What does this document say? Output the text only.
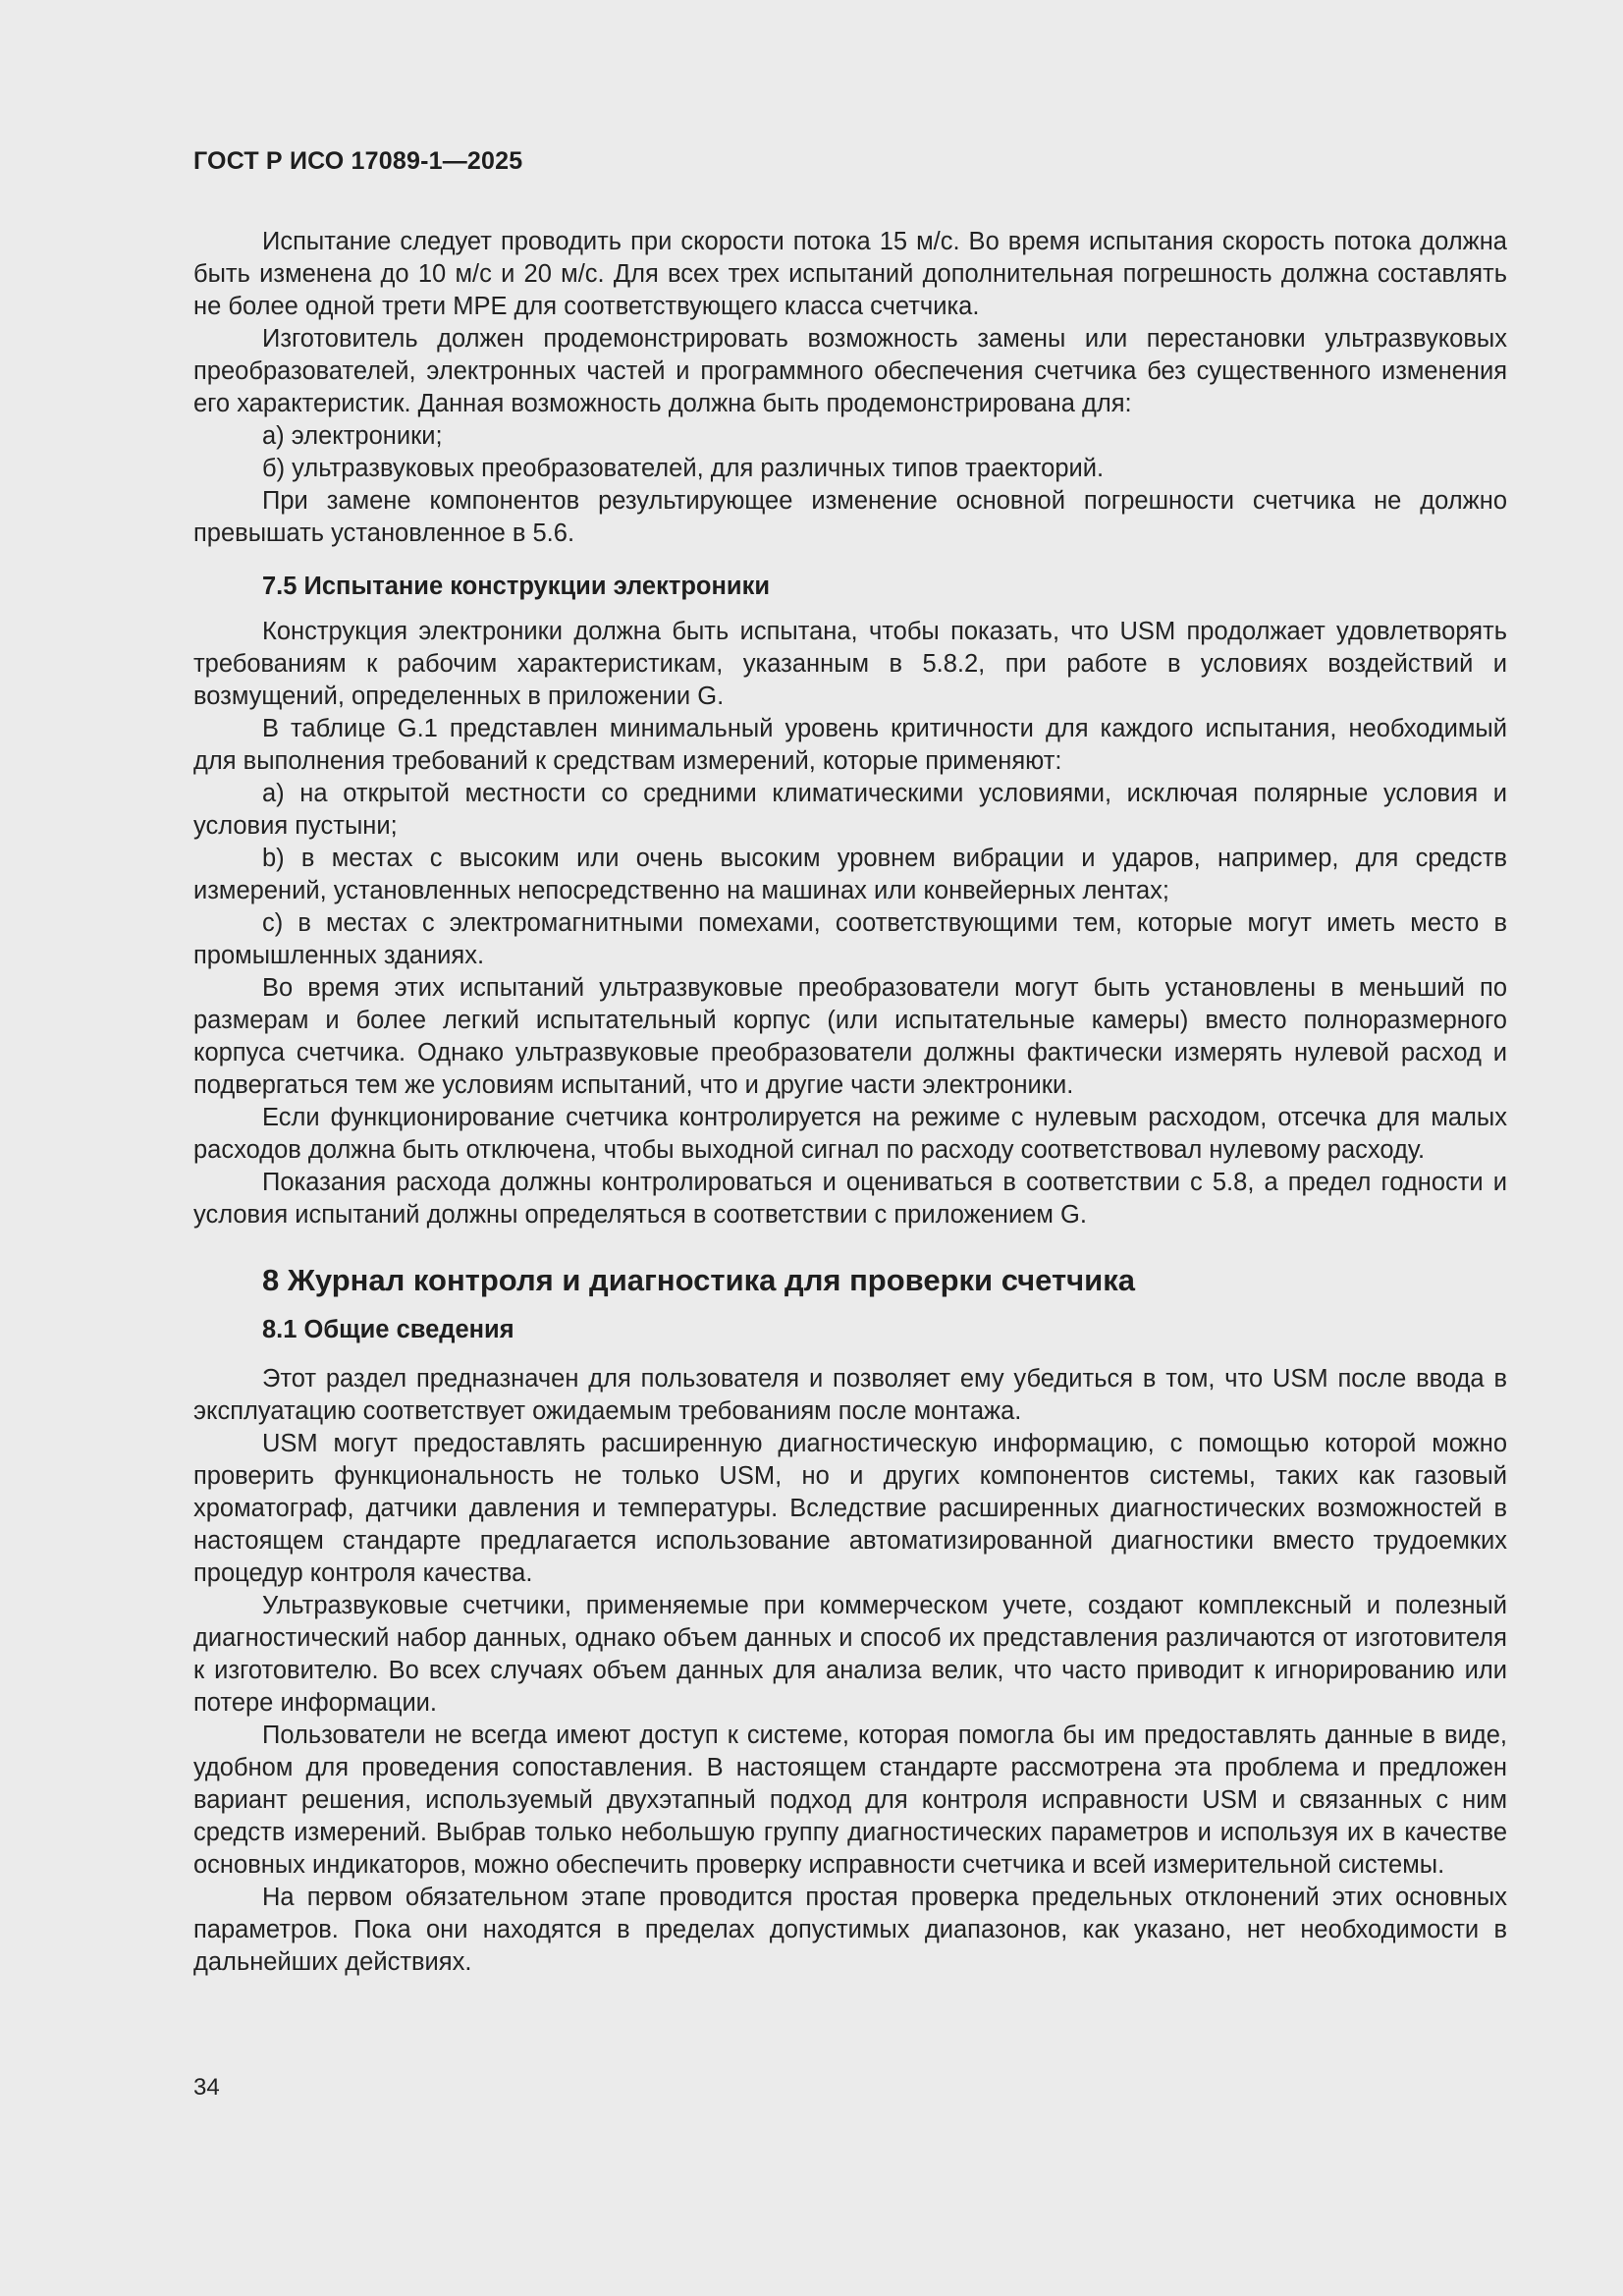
ГОСТ Р ИСО 17089-1—2025

Испытание следует проводить при скорости потока 15 м/с. Во время испытания скорость потока должна быть изменена до 10 м/с и 20 м/с. Для всех трех испытаний дополнительная погрешность должна составлять не более одной трети МРЕ для соответствующего класса счетчика.

Изготовитель должен продемонстрировать возможность замены или перестановки ультразвуковых преобразователей, электронных частей и программного обеспечения счетчика без существенного изменения его характеристик. Данная возможность должна быть продемонстрирована для:

а) электроники;

б) ультразвуковых преобразователей, для различных типов траекторий.

При замене компонентов результирующее изменение основной погрешности счетчика не должно превышать установленное в 5.6.

7.5 Испытание конструкции электроники

Конструкция электроники должна быть испытана, чтобы показать, что USM продолжает удовлетворять требованиям к рабочим характеристикам, указанным в 5.8.2, при работе в условиях воздействий и возмущений, определенных в приложении G.

В таблице G.1 представлен минимальный уровень критичности для каждого испытания, необходимый для выполнения требований к средствам измерений, которые применяют:

a) на открытой местности со средними климатическими условиями, исключая полярные условия и условия пустыни;

b) в местах с высоким или очень высоким уровнем вибрации и ударов, например, для средств измерений, установленных непосредственно на машинах или конвейерных лентах;

c) в местах с электромагнитными помехами, соответствующими тем, которые могут иметь место в промышленных зданиях.

Во время этих испытаний ультразвуковые преобразователи могут быть установлены в меньший по размерам и более легкий испытательный корпус (или испытательные камеры) вместо полноразмерного корпуса счетчика. Однако ультразвуковые преобразователи должны фактически измерять нулевой расход и подвергаться тем же условиям испытаний, что и другие части электроники.

Если функционирование счетчика контролируется на режиме с нулевым расходом, отсечка для малых расходов должна быть отключена, чтобы выходной сигнал по расходу соответствовал нулевому расходу.

Показания расхода должны контролироваться и оцениваться в соответствии с 5.8, а предел годности и условия испытаний должны определяться в соответствии с приложением G.

8 Журнал контроля и диагностика для проверки счетчика
8.1 Общие сведения

Этот раздел предназначен для пользователя и позволяет ему убедиться в том, что USM после ввода в эксплуатацию соответствует ожидаемым требованиям после монтажа.

USM могут предоставлять расширенную диагностическую информацию, с помощью которой можно проверить функциональность не только USM, но и других компонентов системы, таких как газовый хроматограф, датчики давления и температуры. Вследствие расширенных диагностических возможностей в настоящем стандарте предлагается использование автоматизированной диагностики вместо трудоемких процедур контроля качества.

Ультразвуковые счетчики, применяемые при коммерческом учете, создают комплексный и полезный диагностический набор данных, однако объем данных и способ их представления различаются от изготовителя к изготовителю. Во всех случаях объем данных для анализа велик, что часто приводит к игнорированию или потере информации.

Пользователи не всегда имеют доступ к системе, которая помогла бы им предоставлять данные в виде, удобном для проведения сопоставления. В настоящем стандарте рассмотрена эта проблема и предложен вариант решения, используемый двухэтапный подход для контроля исправности USM и связанных с ним средств измерений. Выбрав только небольшую группу диагностических параметров и используя их в качестве основных индикаторов, можно обеспечить проверку исправности счетчика и всей измерительной системы.

На первом обязательном этапе проводится простая проверка предельных отклонений этих основных параметров. Пока они находятся в пределах допустимых диапазонов, как указано, нет необходимости в дальнейших действиях.

34
